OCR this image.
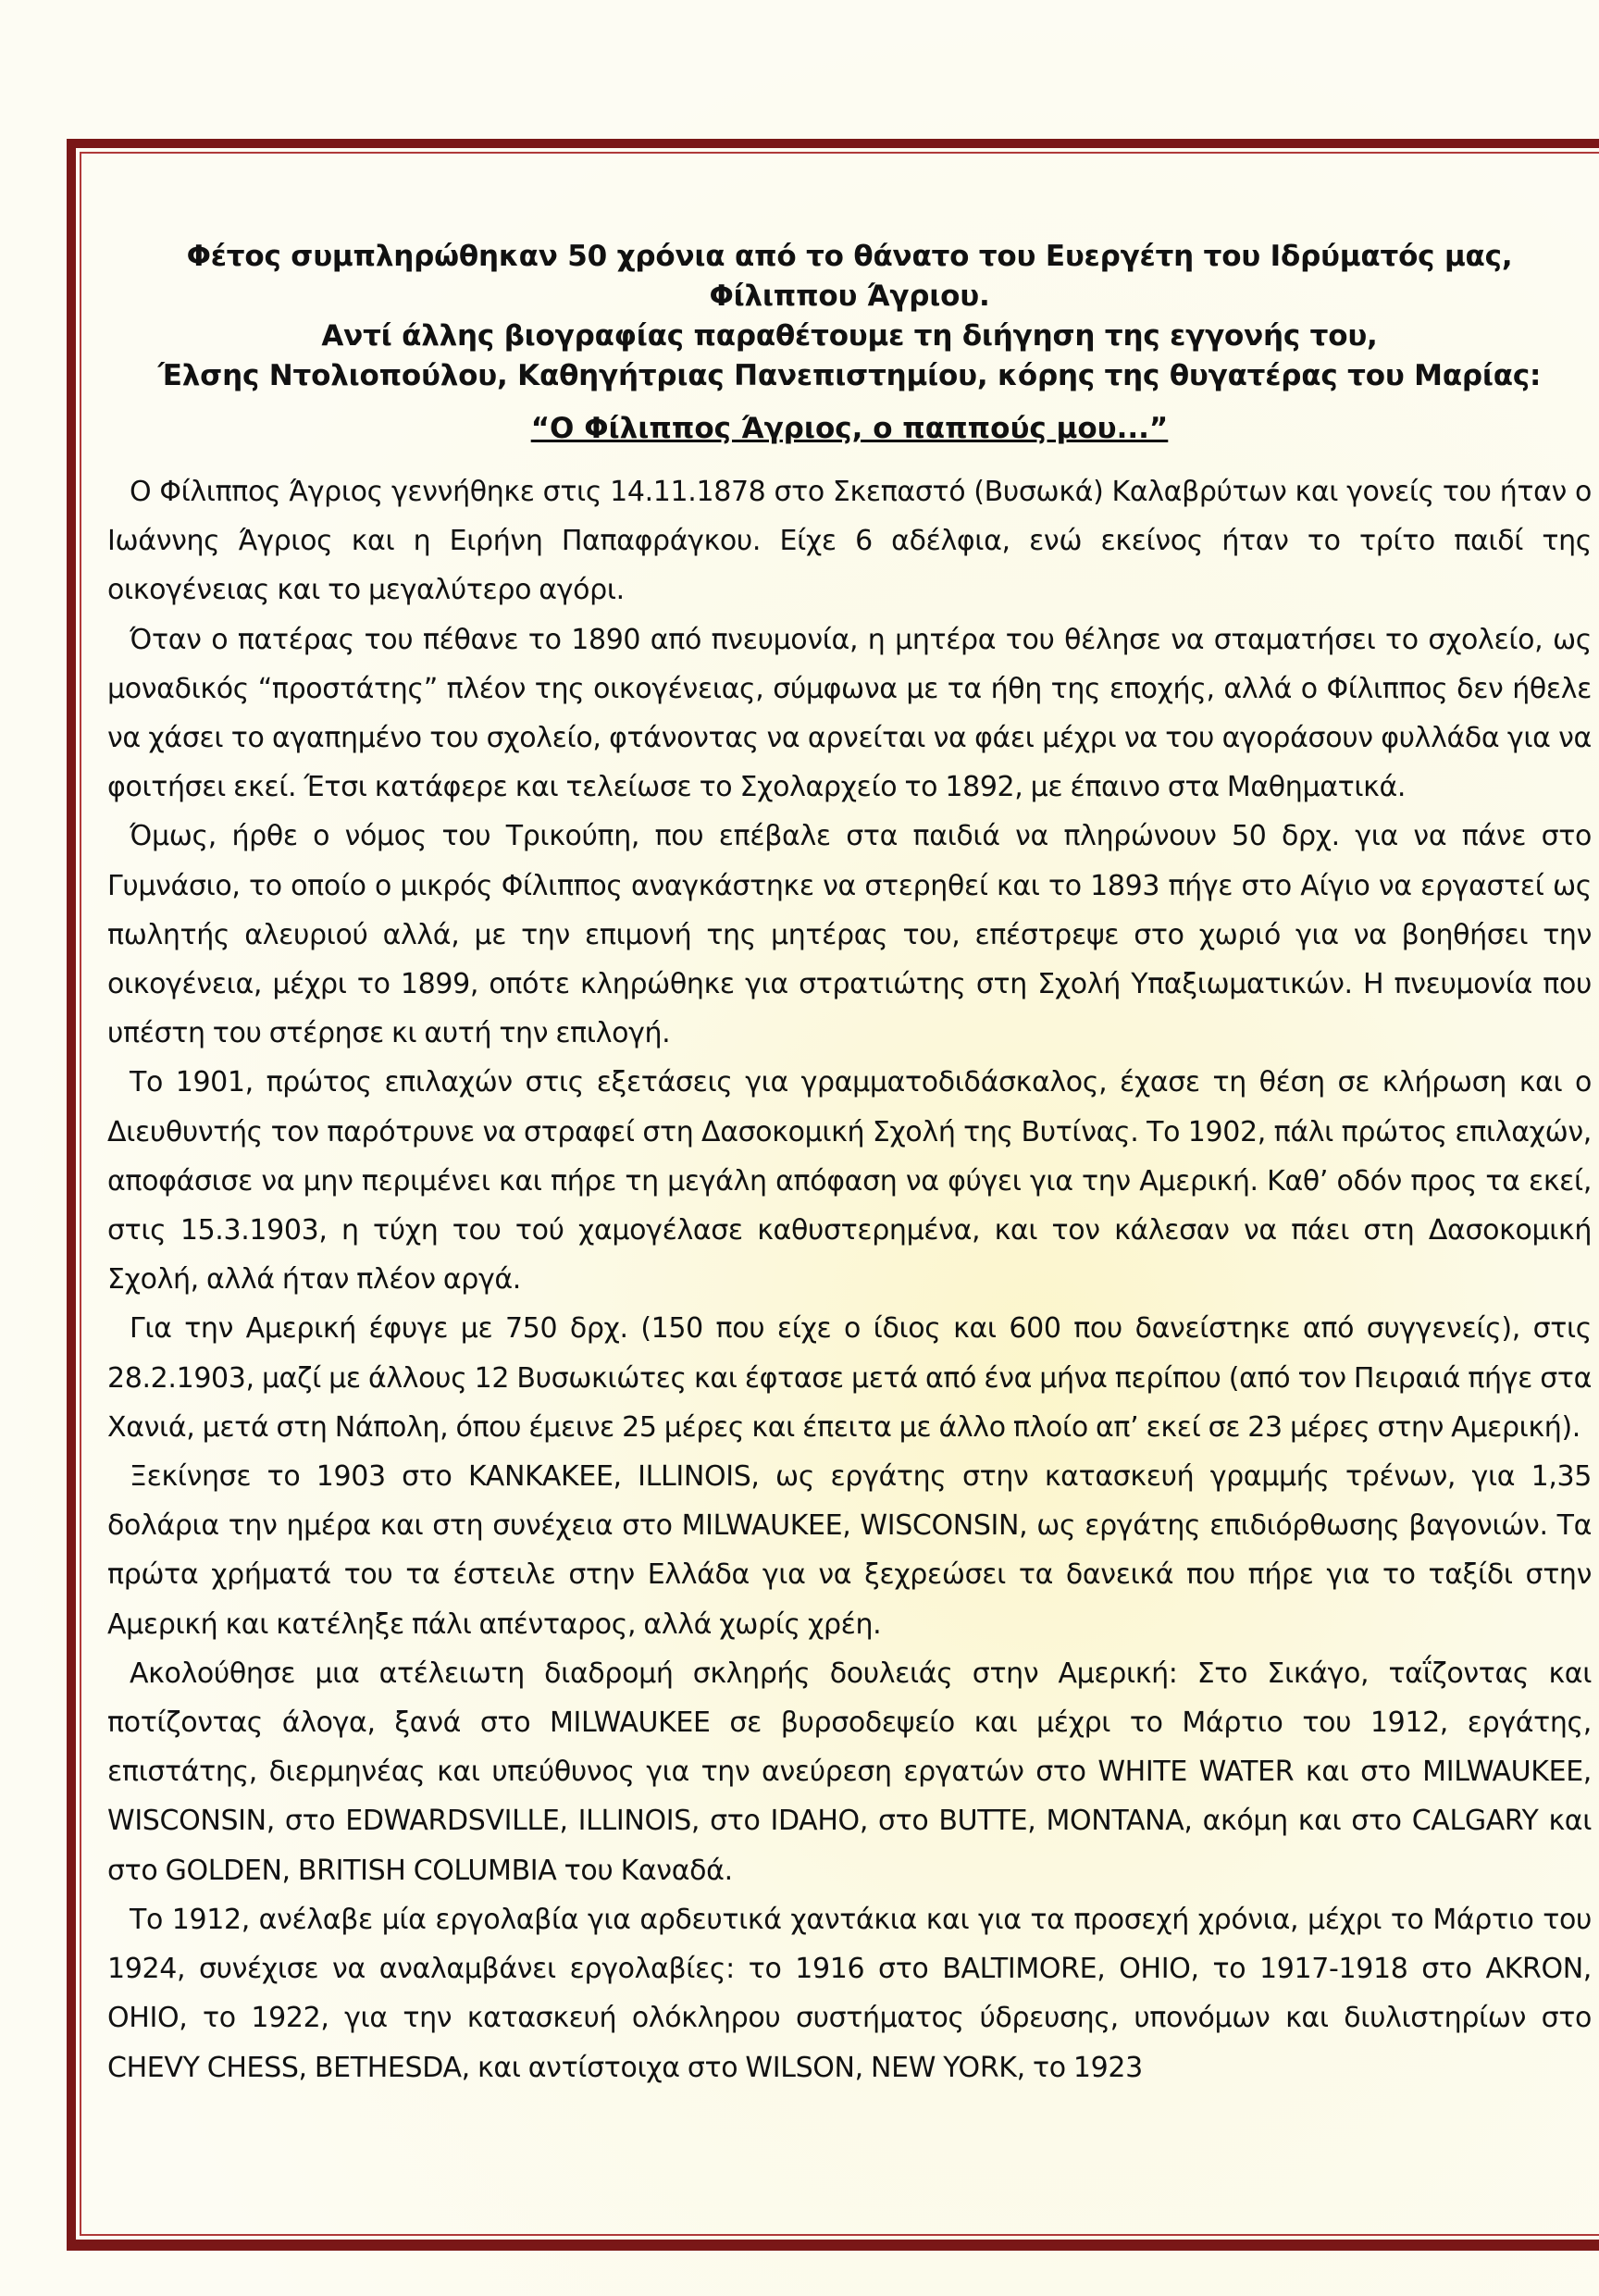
Φέτος συμπληρώθηκαν 50 χρόνια από το θάνατο του Ευεργέτη του Ιδρύματός μας,
Φίλιππου Άγριου.
Αντί άλλης βιογραφίας παραθέτουμε τη διήγηση της εγγονής του,
Έλσης Ντολιοπούλου, Καθηγήτριας Πανεπιστημίου, κόρης της θυγατέρας του Μαρίας:
“Ο Φίλιππος Άγριος, ο παππούς μου...”

Ο Φίλιππος Άγριος γεννήθηκε στις 14.11.1878 στο Σκεπαστό (Βυσωκά) Καλαβρύτων και γονείς του ήταν ο Ιωάννης Άγριος και η Ειρήνη Παπαφράγκου. Είχε 6 αδέλφια, ενώ εκείνος ήταν το τρίτο παιδί της οικογένειας και το μεγαλύτερο αγόρι.

Όταν ο πατέρας του πέθανε το 1890 από πνευμονία, η μητέρα του θέλησε να σταματήσει το σχολείο, ως μοναδικός “προστάτης” πλέον της οικογένειας, σύμφωνα με τα ήθη της εποχής, αλλά ο Φίλιππος δεν ήθελε να χάσει το αγαπημένο του σχολείο, φτάνοντας να αρνείται να φάει μέχρι να του αγοράσουν φυλλάδα για να φοιτήσει εκεί. Έτσι κατάφερε και τελείωσε το Σχολαρχείο το 1892, με έπαινο στα Μαθηματικά.

Όμως, ήρθε ο νόμος του Τρικούπη, που επέβαλε στα παιδιά να πληρώνουν 50 δρχ. για να πάνε στο Γυμνάσιο, το οποίο ο μικρός Φίλιππος αναγκάστηκε να στερηθεί και το 1893 πήγε στο Αίγιο να εργαστεί ως πωλητής αλευριού αλλά, με την επιμονή της μητέρας του, επέστρεψε στο χωριό για να βοηθήσει την οικογένεια, μέχρι το 1899, οπότε κληρώθηκε για στρατιώτης στη Σχολή Υπαξιωματικών. Η πνευμονία που υπέστη του στέρησε κι αυτή την επιλογή.

Το 1901, πρώτος επιλαχών στις εξετάσεις για γραμματοδιδάσκαλος, έχασε τη θέση σε κλήρωση και ο Διευθυντής τον παρότρυνε να στραφεί στη Δασοκομική Σχολή της Βυτίνας. Το 1902, πάλι πρώτος επιλαχών, αποφάσισε να μην περιμένει και πήρε τη μεγάλη απόφαση να φύγει για την Αμερική. Καθ’ οδόν προς τα εκεί, στις 15.3.1903, η τύχη του τού χαμογέλασε καθυστερημένα, και τον κάλεσαν να πάει στη Δασοκομική Σχολή, αλλά ήταν πλέον αργά.

Για την Αμερική έφυγε με 750 δρχ. (150 που είχε ο ίδιος και 600 που δανείστηκε από συγγενείς), στις 28.2.1903, μαζί με άλλους 12 Βυσωκιώτες και έφτασε μετά από ένα μήνα περίπου (από τον Πειραιά πήγε στα Χανιά, μετά στη Νάπολη, όπου έμεινε 25 μέρες και έπειτα με άλλο πλοίο απ’ εκεί σε 23 μέρες στην Αμερική).

Ξεκίνησε το 1903 στο KANKAKEE, ILLINOIS, ως εργάτης στην κατασκευή γραμμής τρένων, για 1,35 δολάρια την ημέρα και στη συνέχεια στο MILWAUKEE, WISCONSIN, ως εργάτης επιδιόρθωσης βαγονιών. Τα πρώτα χρήματά του τα έστειλε στην Ελλάδα για να ξεχρεώσει τα δανεικά που πήρε για το ταξίδι στην Αμερική και κατέληξε πάλι απένταρος, αλλά χωρίς χρέη.

Ακολούθησε μια ατέλειωτη διαδρομή σκληρής δουλειάς στην Αμερική: Στο Σικάγο, ταΐζοντας και ποτίζοντας άλογα, ξανά στο MILWAUKEE σε βυρσοδεψείο και μέχρι το Μάρτιο του 1912, εργάτης, επιστάτης, διερμηνέας και υπεύθυνος για την ανεύρεση εργατών στο WHITE WATER και στο MILWAUKEE, WISCONSIN, στο EDWARDSVILLE, ILLINOIS, στο IDAHO, στο BUTTE, MONTANA, ακόμη και στο CALGARY και στο GOLDEN, BRITISH COLUMBIA του Καναδά.

Το 1912, ανέλαβε μία εργολαβία για αρδευτικά χαντάκια και για τα προσεχή χρόνια, μέχρι το Μάρτιο του 1924, συνέχισε να αναλαμβάνει εργολαβίες: το 1916 στο BALTIMORE, OHIO, το 1917-1918 στο AKRON, OHIO, το 1922, για την κατασκευή ολόκληρου συστήματος ύδρευσης, υπονόμων και διυλιστηρίων στο CHEVY CHESS, BETHESDA, και αντίστοιχα στο WILSON, NEW YORK, το 1923
